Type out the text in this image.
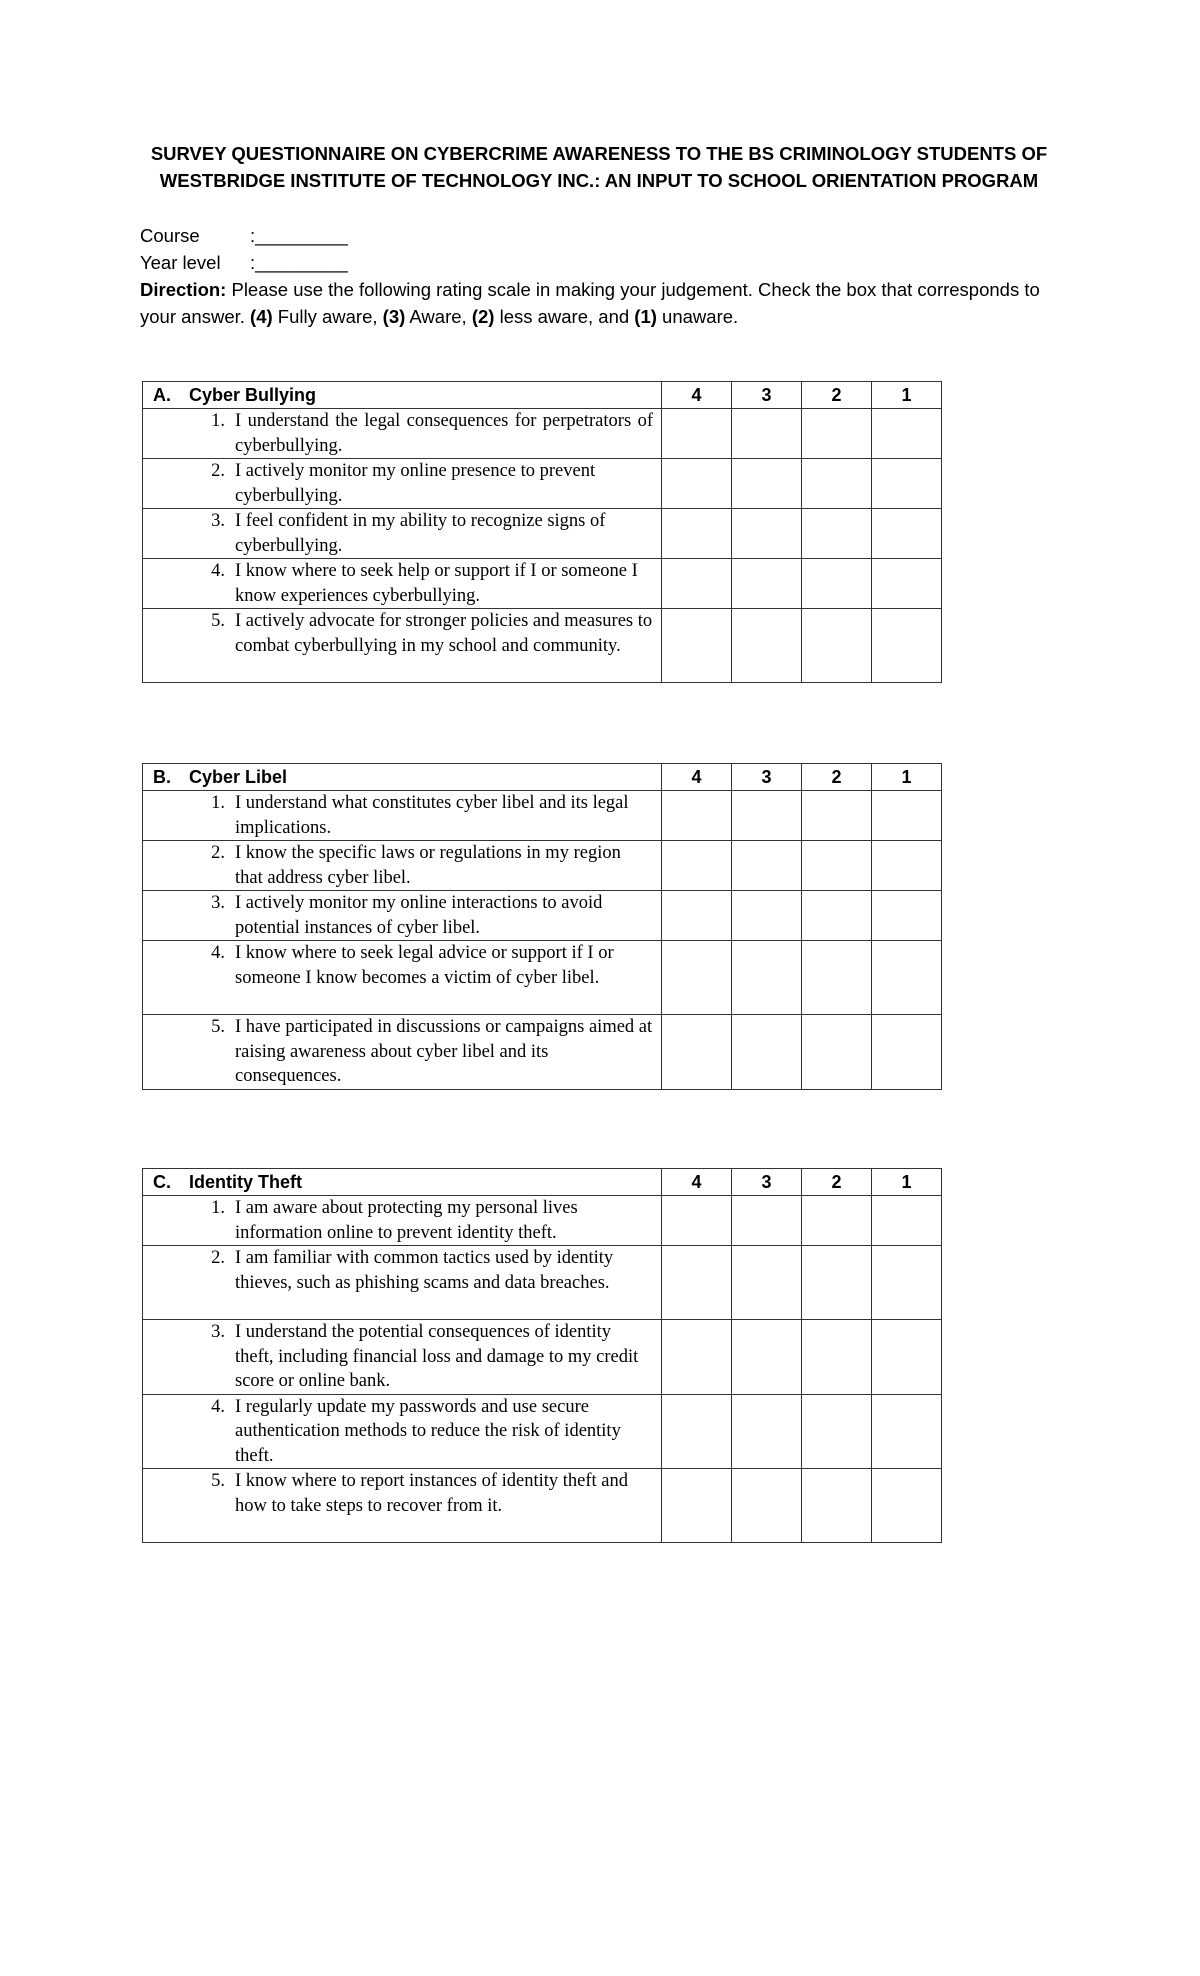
SURVEY QUESTIONNAIRE ON CYBERCRIME AWARENESS TO THE BS CRIMINOLOGY STUDENTS OF
WESTBRIDGE INSTITUTE OF TECHNOLOGY INC.: AN INPUT TO SCHOOL ORIENTATION PROGRAM
Course	:_________
Year level	:_________
Direction: Please use the following rating scale in making your judgement. Check the box that corresponds to your answer. (4) Fully aware, (3) Aware, (2) less aware, and (1) unaware.
A. Cyber Bullying	4	3	2	1

1. I understand the legal consequences for perpetrators of cyberbullying.				

2. I actively monitor my online presence to prevent cyberbullying.				

3. I feel confident in my ability to recognize signs of cyberbullying.				

4. I know where to seek help or support if I or someone I know experiences cyberbullying.				

5. I actively advocate for stronger policies and measures to combat cyberbullying in my school and community.				

B. Cyber Libel	4	3	2	1

1. I understand what constitutes cyber libel and its legal implications.				

2. I know the specific laws or regulations in my region that address cyber libel.				

3. I actively monitor my online interactions to avoid potential instances of cyber libel.				

4. I know where to seek legal advice or support if I or someone I know becomes a victim of cyber libel.				

5. I have participated in discussions or campaigns aimed at raising awareness about cyber libel and its consequences.				

C. Identity Theft	4	3	2	1

1. I am aware about protecting my personal lives information online to prevent identity theft.				

2. I am familiar with common tactics used by identity thieves, such as phishing scams and data breaches.				

3. I understand the potential consequences of identity theft, including financial loss and damage to my credit score or online bank.				

4. I regularly update my passwords and use secure authentication methods to reduce the risk of identity theft.				

5. I know where to report instances of identity theft and how to take steps to recover from it.				
